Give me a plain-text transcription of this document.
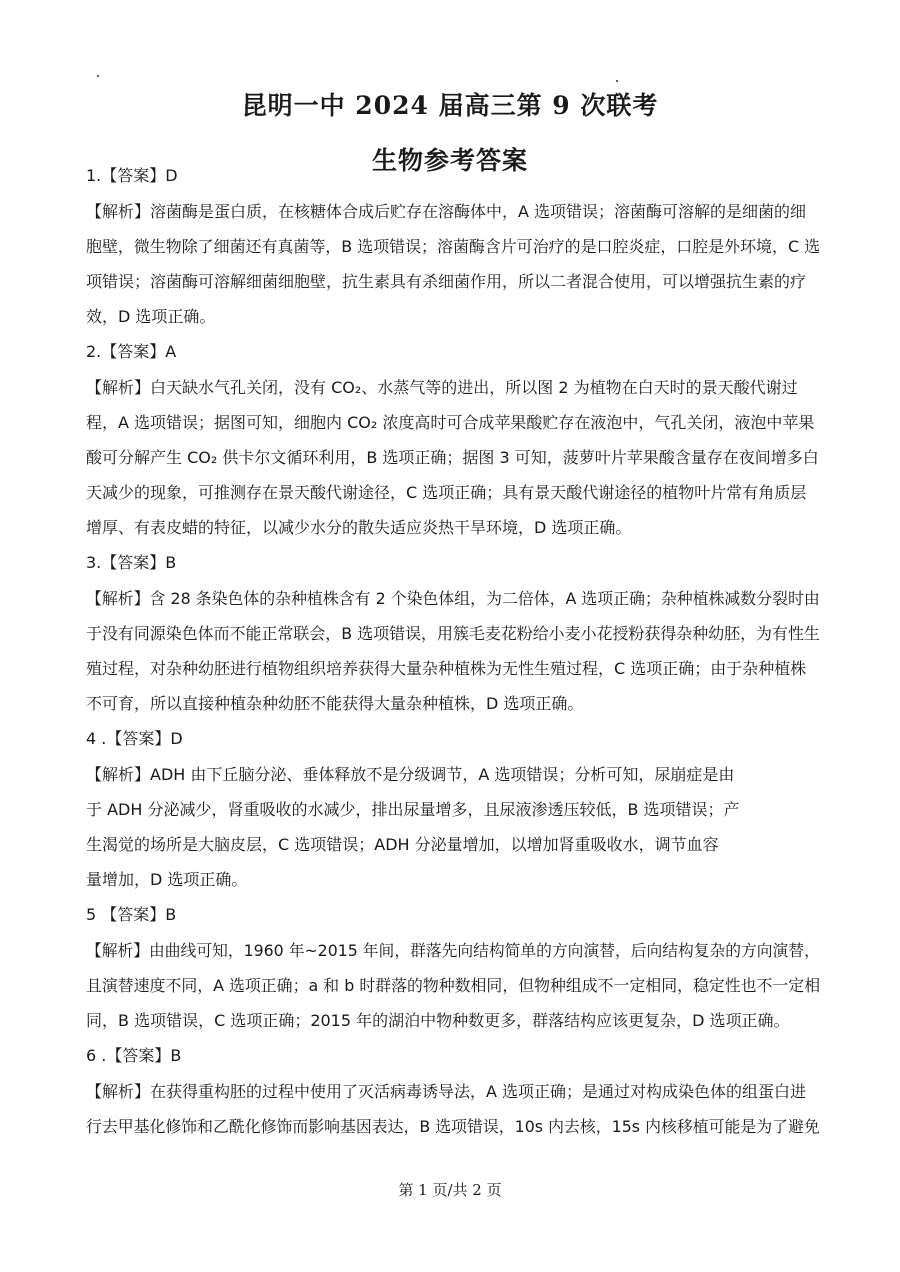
昆明一中 2024 届高三第 9 次联考
生物参考答案
1.【答案】D
【解析】溶菌酶是蛋白质，在核糖体合成后贮存在溶酶体中，A 选项错误；溶菌酶可溶解的是细菌的细
胞壁，微生物除了细菌还有真菌等，B 选项错误；溶菌酶含片可治疗的是口腔炎症，口腔是外环境，C 选
项错误；溶菌酶可溶解细菌细胞壁，抗生素具有杀细菌作用，所以二者混合使用，可以增强抗生素的疗
效，D 选项正确。
2.【答案】A
【解析】白天缺水气孔关闭，没有 CO₂、水蒸气等的进出，所以图 2 为植物在白天时的景天酸代谢过
程，A 选项错误；据图可知，细胞内 CO₂ 浓度高时可合成苹果酸贮存在液泡中，气孔关闭，液泡中苹果
酸可分解产生 CO₂ 供卡尔文循环利用，B 选项正确；据图 3 可知，菠萝叶片苹果酸含量存在夜间增多白
天减少的现象，可推测存在景天酸代谢途径，C 选项正确；具有景天酸代谢途径的植物叶片常有角质层
增厚、有表皮蜡的特征，以减少水分的散失适应炎热干旱环境，D 选项正确。
3.【答案】B
【解析】含 28 条染色体的杂种植株含有 2 个染色体组，为二倍体，A 选项正确；杂种植株减数分裂时由
于没有同源染色体而不能正常联会，B 选项错误，用簇毛麦花粉给小麦小花授粉获得杂种幼胚，为有性生
殖过程，对杂种幼胚进行植物组织培养获得大量杂种植株为无性生殖过程，C 选项正确；由于杂种植株
不可育，所以直接种植杂种幼胚不能获得大量杂种植株，D 选项正确。
4 .【答案】D
【解析】ADH 由下丘脑分泌、垂体释放不是分级调节，A 选项错误；分析可知，尿崩症是由
于 ADH 分泌减少，肾重吸收的水减少，排出尿量增多，且尿液渗透压较低，B 选项错误；产
生渴觉的场所是大脑皮层，C 选项错误；ADH 分泌量增加，以增加肾重吸收水，调节血容
量增加，D 选项正确。
5 【答案】B
【解析】由曲线可知，1960 年~2015 年间，群落先向结构简单的方向演替，后向结构复杂的方向演替，
且演替速度不同，A 选项正确；a 和 b 时群落的物种数相同，但物种组成不一定相同，稳定性也不一定相
同，B 选项错误，C 选项正确；2015 年的湖泊中物种数更多，群落结构应该更复杂，D 选项正确。
6 .【答案】B
【解析】在获得重构胚的过程中使用了灭活病毒诱导法，A 选项正确；是通过对构成染色体的组蛋白进
行去甲基化修饰和乙酰化修饰而影响基因表达，B 选项错误，10s 内去核，15s 内核移植可能是为了避免
第 1 页/共 2 页
